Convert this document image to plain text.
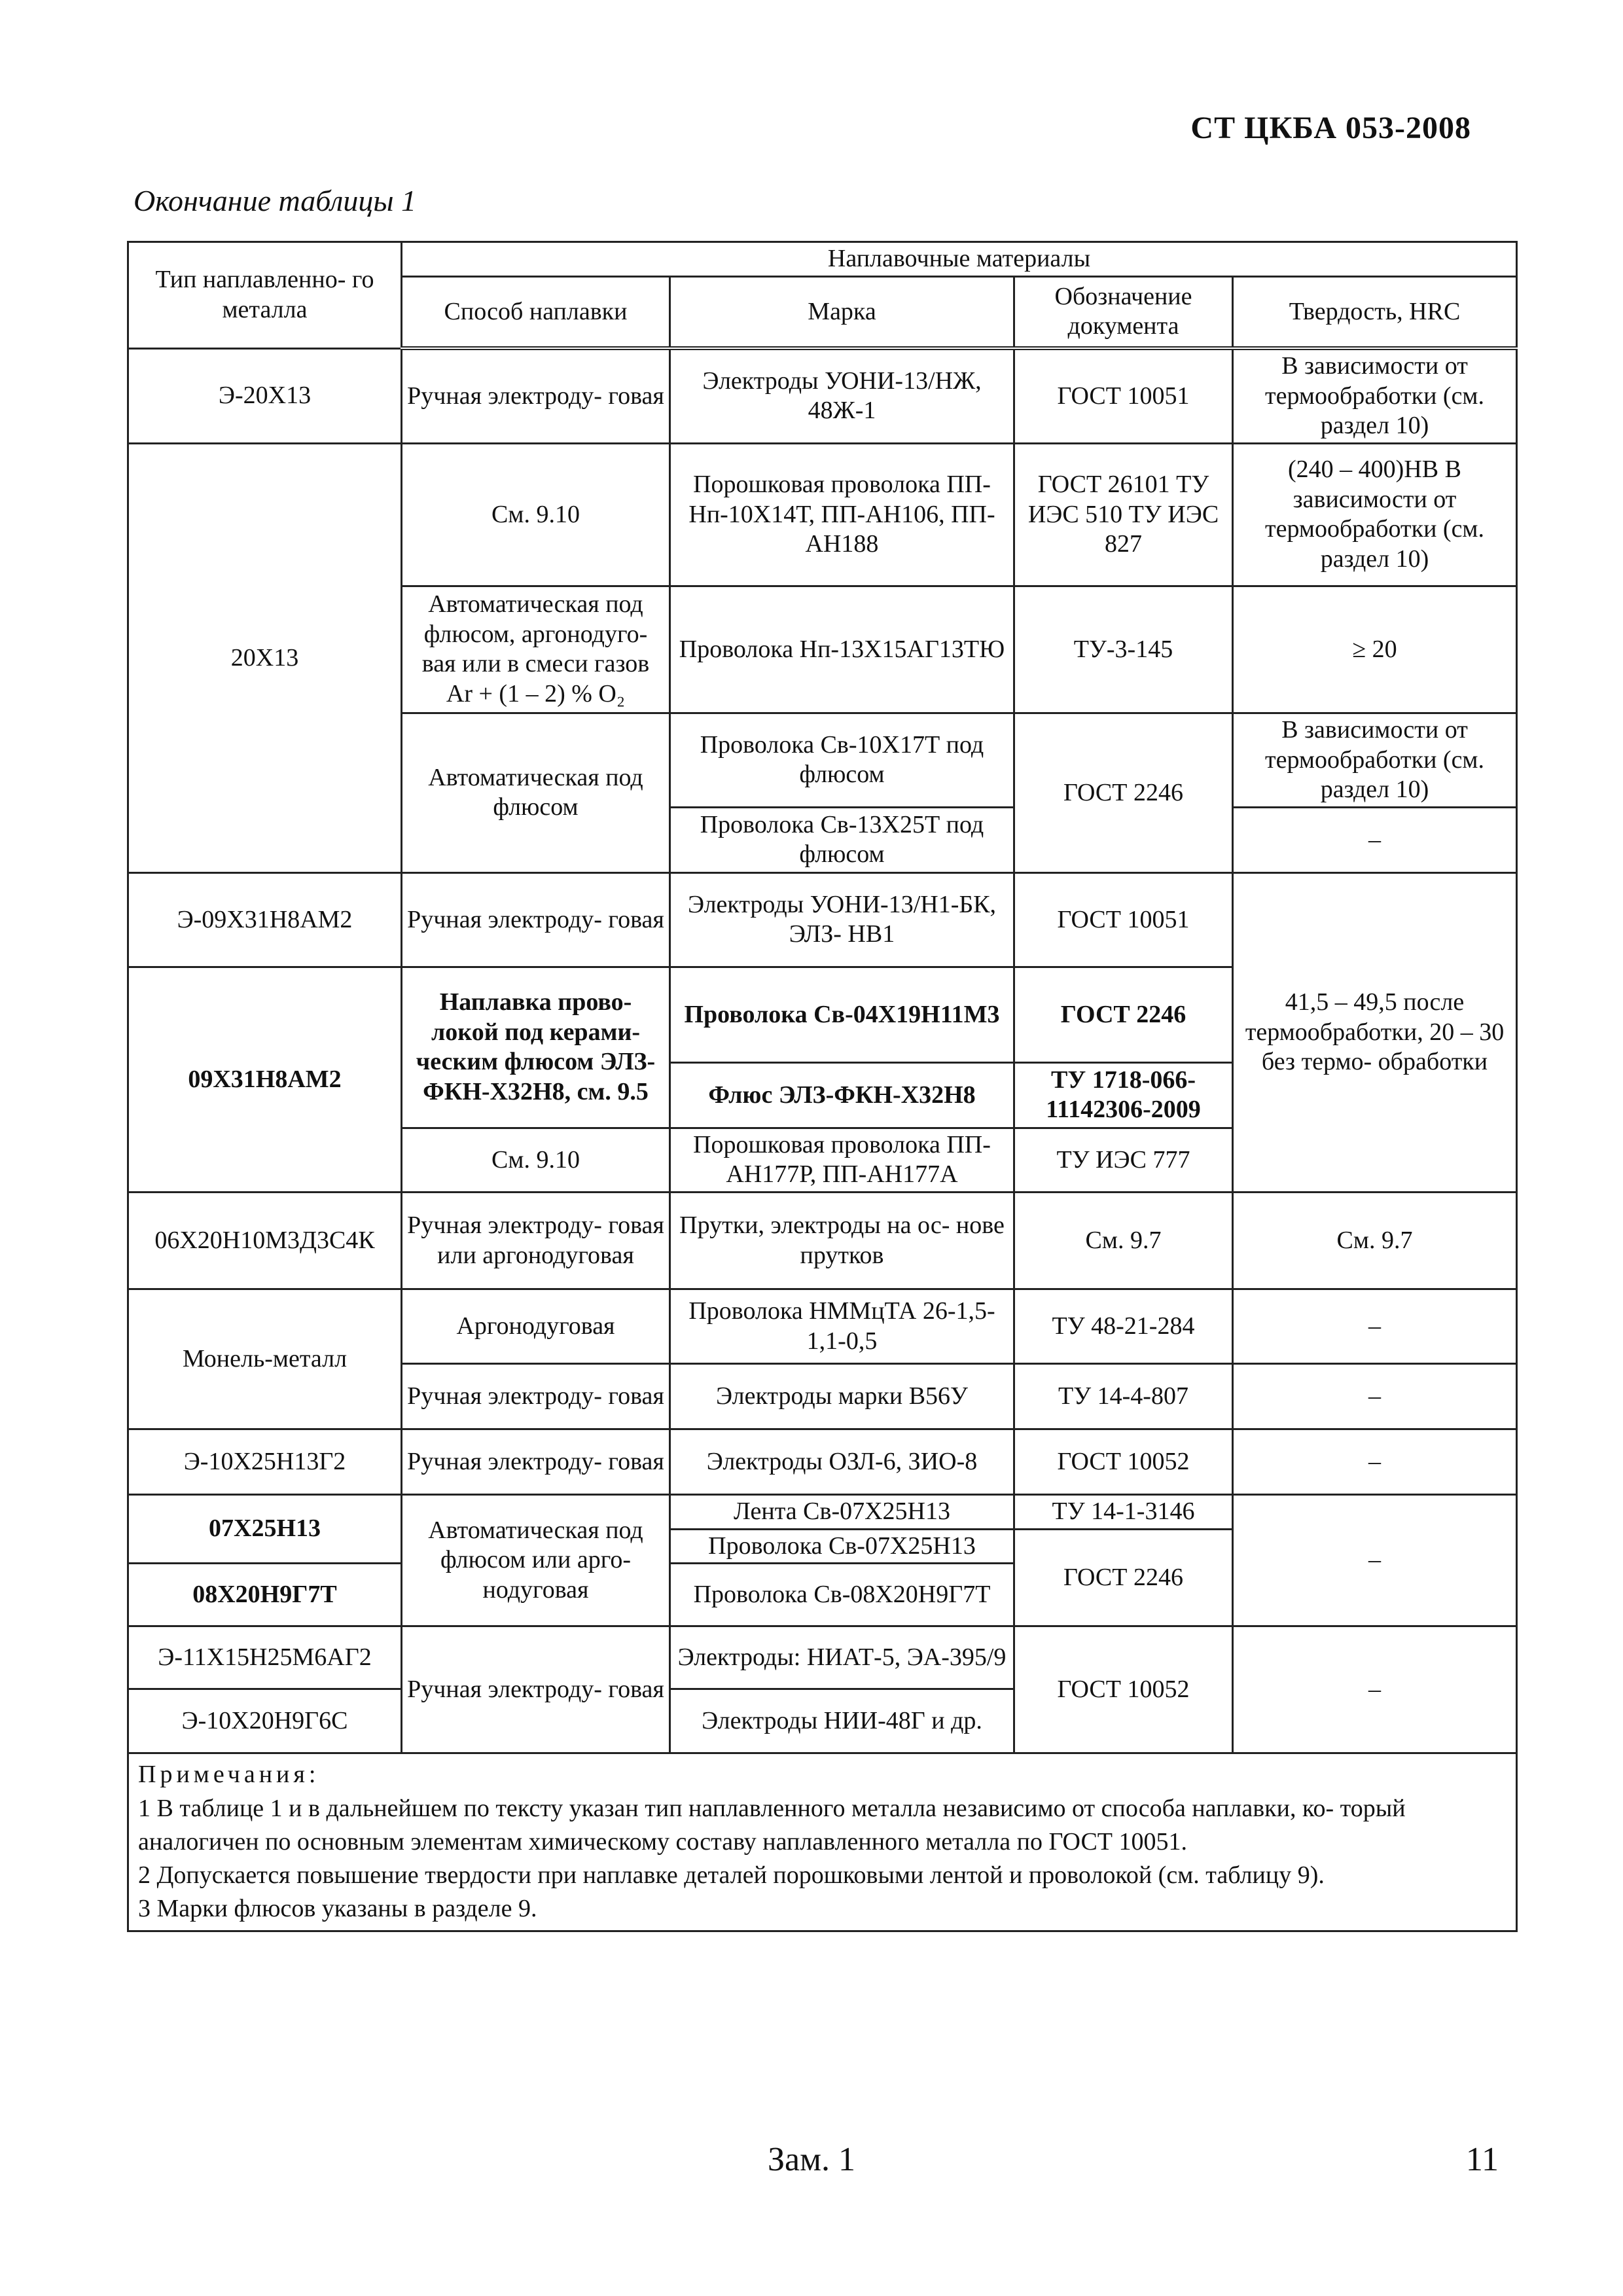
СТ ЦКБА 053-2008
Окончание таблицы 1
Тип наплавленно- го металла	Наплавочные материалы			
	Способ наплавки	Марка	Обозначение документа	Твердость, HRC
Э-20Х13	Ручная электроду- говая	Электроды УОНИ-13/НЖ, 48Ж-1	ГОСТ 10051	В зависимости от термообработки (см. раздел 10)
20Х13	См. 9.10	Порошковая проволока ПП-Нп-10Х14Т, ПП-АН106, ПП-АН188	ГОСТ 26101 ТУ ИЭС 510 ТУ ИЭС 827	(240 – 400)НВ В зависимости от термообработки (см. раздел 10)
	Автоматическая под флюсом, аргонодуго- вая или в смеси газов Ar + (1 – 2) % O₂	Проволока Нп-13Х15АГ13ТЮ	ТУ-3-145	≥ 20
	Автоматическая под флюсом	Проволока Св-10Х17Т под флюсом	ГОСТ 2246	В зависимости от термообработки (см. раздел 10)
		Проволока Св-13Х25Т под флюсом		–
Э-09Х31Н8АМ2	Ручная электроду- говая	Электроды УОНИ-13/Н1-БК, ЭЛЗ- НВ1	ГОСТ 10051	41,5 – 49,5 после термообработки, 20 – 30 без термо- обработки
09Х31Н8АМ2	Наплавка прово- локой под керами- ческим флюсом ЭЛЗ-ФКН-Х32Н8, см. 9.5	Проволока Св-04Х19Н11М3	ГОСТ 2246	
		Флюс ЭЛЗ-ФКН-Х32Н8	ТУ 1718-066- 11142306-2009	
	См. 9.10	Порошковая проволока ПП-АН177Р, ПП-АН177А	ТУ ИЭС 777	
06Х20Н10М3Д3С4К	Ручная электроду- говая или аргонодуговая	Прутки, электроды на ос- нове прутков	См. 9.7	См. 9.7
Монель-металл	Аргонодуговая	Проволока НММцТА 26-1,5-1,1-0,5	ТУ 48-21-284	–
	Ручная электроду- говая	Электроды марки В56У	ТУ 14-4-807	–
Э-10Х25Н13Г2	Ручная электроду- говая	Электроды ОЗЛ-6, ЗИО-8	ГОСТ 10052	–
07Х25Н13	Автоматическая под флюсом или арго- нодуговая	Лента Св-07Х25Н13	ТУ 14-1-3146	–
		Проволока Св-07Х25Н13	ГОСТ 2246	
08Х20Н9Г7Т		Проволока Св-08Х20Н9Г7Т		
Э-11Х15Н25М6АГ2	Ручная электроду- говая	Электроды: НИАТ-5, ЭА-395/9	ГОСТ 10052	–
Э-10Х20Н9Г6С		Электроды НИИ-48Г и др.		

Примечания:
1 В таблице 1 и в дальнейшем по тексту указан тип наплавленного металла независимо от способа наплавки, ко- торый аналогичен по основным элементам химическому составу наплавленного металла по ГОСТ 10051.
2 Допускается повышение твердости при наплавке деталей порошковыми лентой и проволокой (см. таблицу 9).
3 Марки флюсов указаны в разделе 9.				
Зам. 1	11
